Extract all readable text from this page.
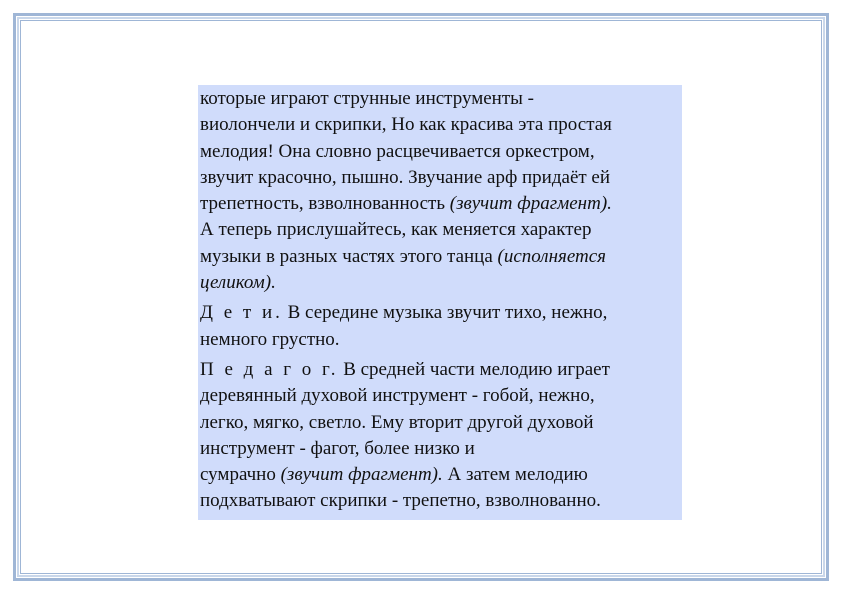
которые играют струнные инструменты -
виолончели и скрипки, Но как красива эта простая
мелодия! Она словно расцвечивается оркестром,
звучит красочно, пышно. Звучание арф придаёт ей
трепетность, взволнованность (звучит фрагмент).
А теперь прислушайтесь, как меняется характер
музыки в разных частях этого танца (исполняется
целиком).

Д е т и. В середине музыка звучит тихо, нежно,
немного грустно.

П е д а г о г. В средней части мелодию играет
деревянный духовой инструмент - гобой, нежно,
легко, мягко, светло. Ему вторит другой духовой
инструмент - фагот, более низко и
сумрачно (звучит фрагмент). А затем мелодию
подхватывают скрипки - трепетно, взволнованно.
